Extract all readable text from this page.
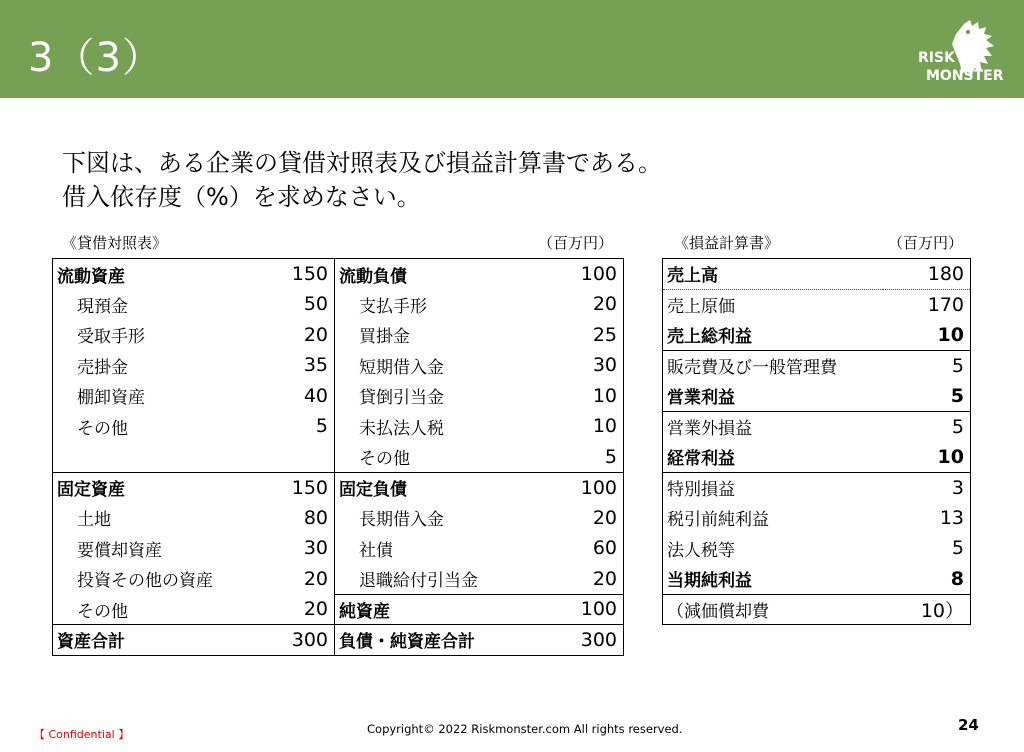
3（3）	RISK
MONSTER
下図は、ある企業の貸借対照表及び損益計算書である。
借入依存度（%）を求めなさい。
《貸借対照表》	（百万円）	《損益計算書》	（百万円）
流動資産	150	流動負債	100
現預金	50	支払手形	20
受取手形	20	買掛金	25
売掛金	35	短期借入金	30
棚卸資産	40	貸倒引当金	10
その他	5	未払法人税	10
		その他	5
固定資産	150	固定負債	100
土地	80	長期借入金	20
要償却資産	30	社債	60
投資その他の資産	20	退職給付引当金	20
その他	20	純資産	100
資産合計	300	負債・純資産合計	300
売上高	180
売上原価	170
売上総利益	10
販売費及び一般管理費	5
営業利益	5
営業外損益	5
経常利益	10
特別損益	3
税引前純利益	13
法人税等	5
当期純利益	8
（減価償却費	10）
【 Confidential 】	Copyright© 2022 Riskmonster.com All rights reserved.	24
